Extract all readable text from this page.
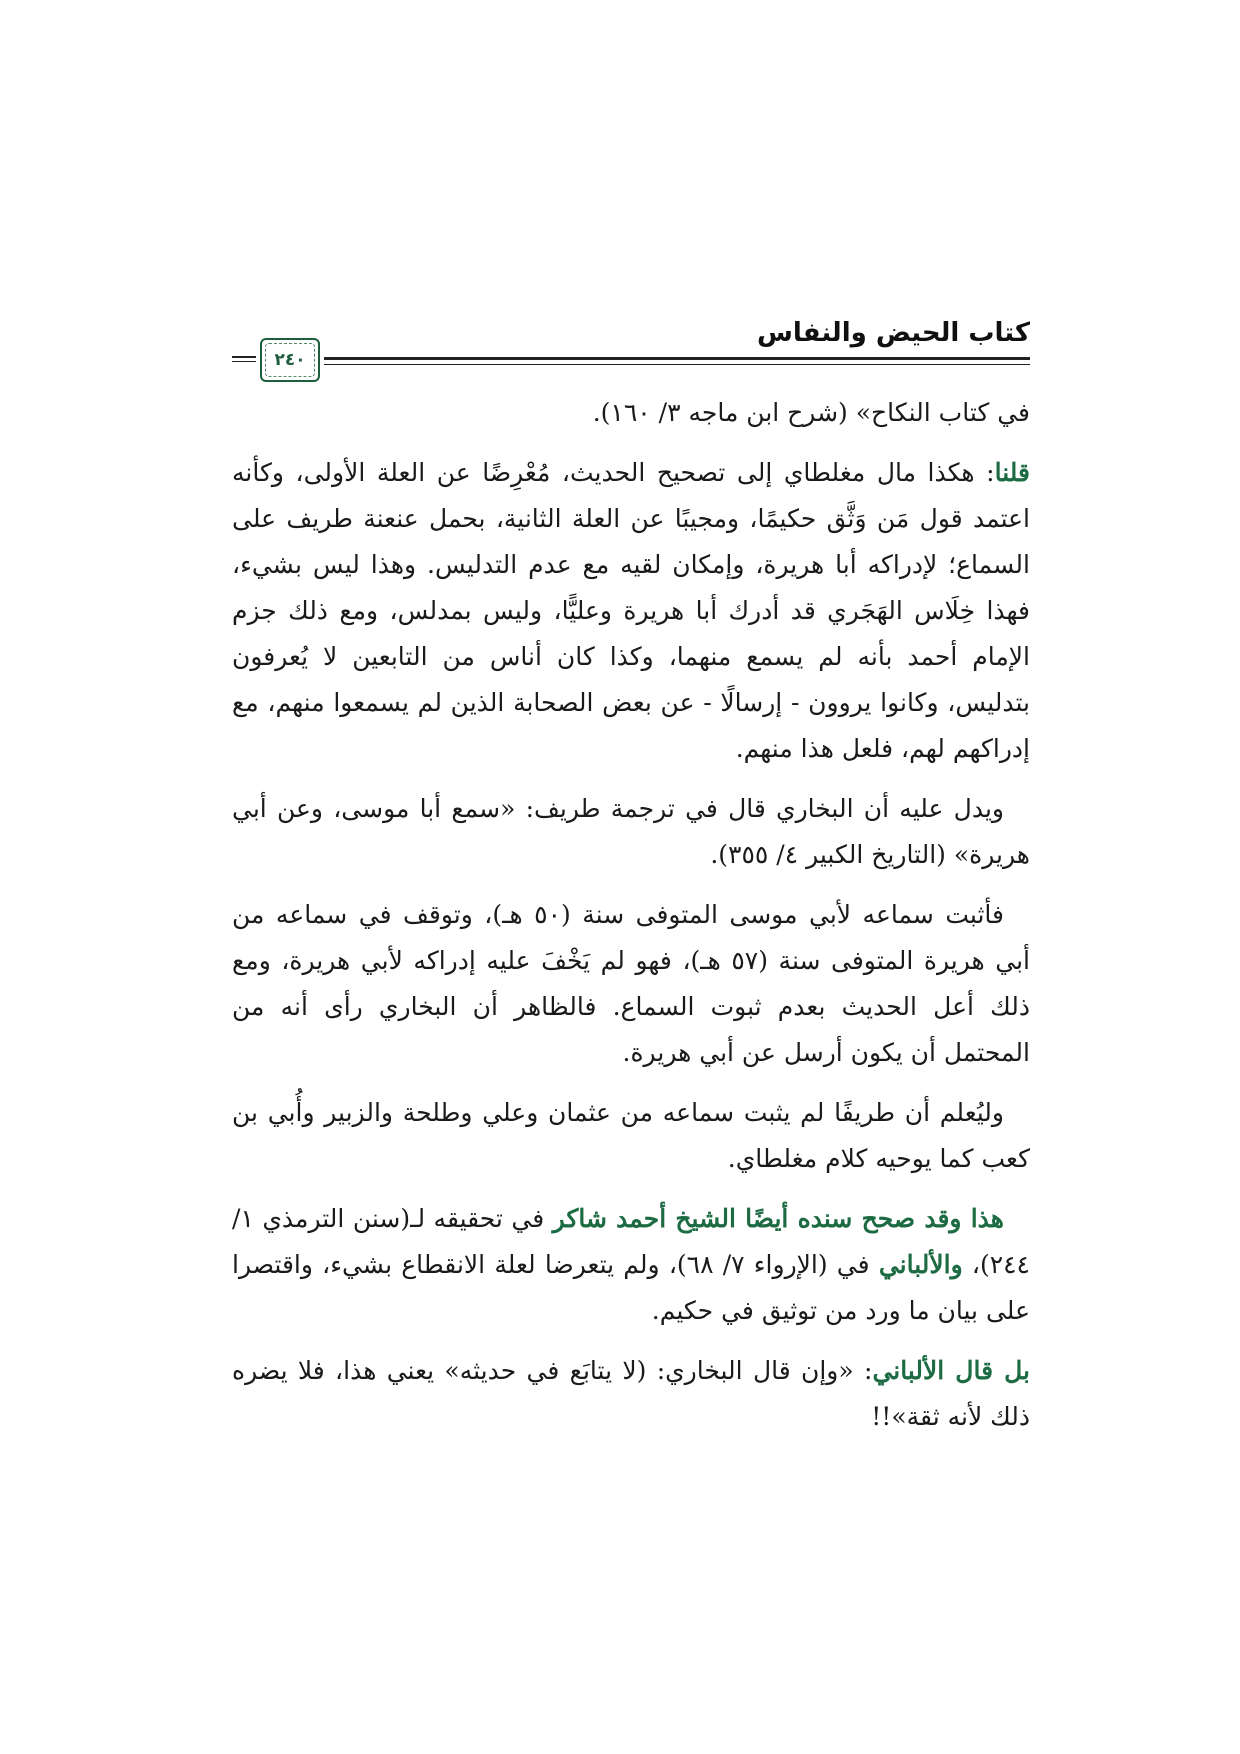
كتاب الحيض والنفاس
٢٤٠

في كتاب النكاح» (شرح ابن ماجه ٣/ ١٦٠).

قلنا: هكذا مال مغلطاي إلى تصحيح الحديث، مُعْرِضًا عن العلة الأولى، وكأنه اعتمد قول مَن وَثَّق حكيمًا، ومجيبًا عن العلة الثانية، بحمل عنعنة طريف على السماع؛ لإدراكه أبا هريرة، وإمكان لقيه مع عدم التدليس. وهذا ليس بشيء، فهذا خِلَاس الهَجَري قد أدرك أبا هريرة وعليًّا، وليس بمدلس، ومع ذلك جزم الإمام أحمد بأنه لم يسمع منهما، وكذا كان أناس من التابعين لا يُعرفون بتدليس، وكانوا يروون - إرسالًا - عن بعض الصحابة الذين لم يسمعوا منهم، مع إدراكهم لهم، فلعل هذا منهم.

ويدل عليه أن البخاري قال في ترجمة طريف: «سمع أبا موسى، وعن أبي هريرة» (التاريخ الكبير ٤/ ٣٥٥).

فأثبت سماعه لأبي موسى المتوفى سنة (٥٠ هـ)، وتوقف في سماعه من أبي هريرة المتوفى سنة (٥٧ هـ)، فهو لم يَخْفَ عليه إدراكه لأبي هريرة، ومع ذلك أعل الحديث بعدم ثبوت السماع. فالظاهر أن البخاري رأى أنه من المحتمل أن يكون أرسل عن أبي هريرة.

وليُعلم أن طريفًا لم يثبت سماعه من عثمان وعلي وطلحة والزبير وأُبي بن كعب كما يوحيه كلام مغلطاي.

هذا وقد صحح سنده أيضًا الشيخ أحمد شاكر في تحقيقه لـ(سنن الترمذي ١/ ٢٤٤)، والألباني في (الإرواء ٧/ ٦٨)، ولم يتعرضا لعلة الانقطاع بشيء، واقتصرا على بيان ما ورد من توثيق في حكيم.

بل قال الألباني: «وإن قال البخاري: (لا يتابَع في حديثه» يعني هذا، فلا يضره ذلك لأنه ثقة»!!
